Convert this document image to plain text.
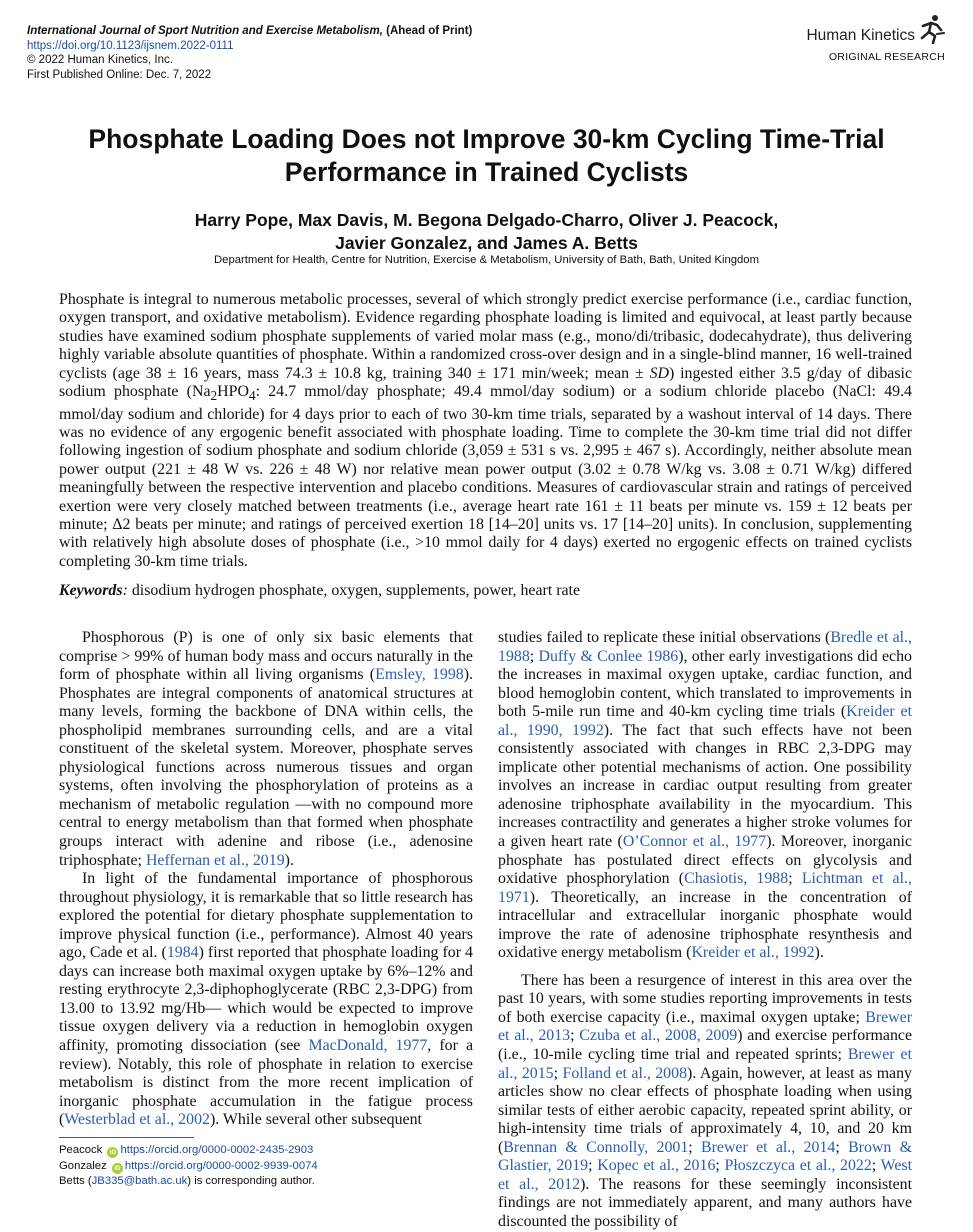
International Journal of Sport Nutrition and Exercise Metabolism, (Ahead of Print)
https://doi.org/10.1123/ijsnem.2022-0111
© 2022 Human Kinetics, Inc.
First Published Online: Dec. 7, 2022
Human Kinetics
ORIGINAL RESEARCH
Phosphate Loading Does not Improve 30-km Cycling Time-Trial Performance in Trained Cyclists
Harry Pope, Max Davis, M. Begona Delgado-Charro, Oliver J. Peacock,
Javier Gonzalez, and James A. Betts
Department for Health, Centre for Nutrition, Exercise & Metabolism, University of Bath, Bath, United Kingdom

Phosphate is integral to numerous metabolic processes, several of which strongly predict exercise performance (i.e., cardiac function, oxygen transport, and oxidative metabolism). Evidence regarding phosphate loading is limited and equivocal, at least partly because studies have examined sodium phosphate supplements of varied molar mass (e.g., mono/di/tribasic, dodecahydrate), thus delivering highly variable absolute quantities of phosphate. Within a randomized cross-over design and in a single-blind manner, 16 well-trained cyclists (age 38 ± 16 years, mass 74.3 ± 10.8 kg, training 340 ± 171 min/week; mean ± SD) ingested either 3.5 g/day of dibasic sodium phosphate ($Na_2HPO_4$: 24.7 mmol/day phosphate; 49.4 mmol/day sodium) or a sodium chloride placebo (NaCl: 49.4 mmol/day sodium and chloride) for 4 days prior to each of two 30-km time trials, separated by a washout interval of 14 days. There was no evidence of any ergogenic benefit associated with phosphate loading. Time to complete the 30-km time trial did not differ following ingestion of sodium phosphate and sodium chloride (3,059 ± 531 s vs. 2,995 ± 467 s). Accordingly, neither absolute mean power output (221 ± 48 W vs. 226 ± 48 W) nor relative mean power output (3.02 ± 0.78 W/kg vs. 3.08 ± 0.71 W/kg) differed meaningfully between the respective intervention and placebo conditions. Measures of cardiovascular strain and ratings of perceived exertion were very closely matched between treatments (i.e., average heart rate 161 ± 11 beats per minute vs. 159 ± 12 beats per minute; Δ2 beats per minute; and ratings of perceived exertion 18 [14–20] units vs. 17 [14–20] units). In conclusion, supplementing with relatively high absolute doses of phosphate (i.e., >10 mmol daily for 4 days) exerted no ergogenic effects on trained cyclists completing 30-km time trials.

Keywords: disodium hydrogen phosphate, oxygen, supplements, power, heart rate

Phosphorous (P) is one of only six basic elements that comprise > 99% of human body mass and occurs naturally in the form of phosphate within all living organisms (Emsley, 1998). Phosphates are integral components of anatomical structures at many levels, forming the backbone of DNA within cells, the phospholipid membranes surrounding cells, and are a vital constituent of the skeletal system. Moreover, phosphate serves physiological functions across numerous tissues and organ systems, often involving the phosphorylation of proteins as a mechanism of metabolic regulation —with no compound more central to energy metabolism than that formed when phosphate groups interact with adenine and ribose (i.e., adenosine triphosphate; Heffernan et al., 2019).

In light of the fundamental importance of phosphorous throughout physiology, it is remarkable that so little research has explored the potential for dietary phosphate supplementation to improve physical function (i.e., performance). Almost 40 years ago, Cade et al. (1984) first reported that phosphate loading for 4 days can increase both maximal oxygen uptake by 6%–12% and resting erythrocyte 2,3-diphophoglycerate (RBC 2,3-DPG) from 13.00 to 13.92 mg/Hb— which would be expected to improve tissue oxygen delivery via a reduction in hemoglobin oxygen affinity, promoting dissociation (see MacDonald, 1977, for a review). Notably, this role of phosphate in relation to exercise metabolism is distinct from the more recent implication of inorganic phosphate accumulation in the fatigue process (Westerblad et al., 2002). While several other subsequent

studies failed to replicate these initial observations (Bredle et al., 1988; Duffy & Conlee 1986), other early investigations did echo the increases in maximal oxygen uptake, cardiac function, and blood hemoglobin content, which translated to improvements in both 5-mile run time and 40-km cycling time trials (Kreider et al., 1990, 1992). The fact that such effects have not been consistently associated with changes in RBC 2,3-DPG may implicate other potential mechanisms of action. One possibility involves an increase in cardiac output resulting from greater adenosine triphosphate availability in the myocardium. This increases contractility and generates a higher stroke volumes for a given heart rate (O’Connor et al., 1977). Moreover, inorganic phosphate has postulated direct effects on glycolysis and oxidative phosphorylation (Chasiotis, 1988; Lichtman et al., 1971). Theoretically, an increase in the concentration of intracellular and extracellular inorganic phosphate would improve the rate of adenosine triphosphate resynthesis and oxidative energy metabolism (Kreider et al., 1992).

There has been a resurgence of interest in this area over the past 10 years, with some studies reporting improvements in tests of both exercise capacity (i.e., maximal oxygen uptake; Brewer et al., 2013; Czuba et al., 2008, 2009) and exercise performance (i.e., 10-mile cycling time trial and repeated sprints; Brewer et al., 2015; Folland et al., 2008). Again, however, at least as many articles show no clear effects of phosphate loading when using similar tests of either aerobic capacity, repeated sprint ability, or high-intensity time trials of approximately 4, 10, and 20 km (Brennan & Connolly, 2001; Brewer et al., 2014; Brown & Glastier, 2019; Kopec et al., 2016; Płoszczyca et al., 2022; West et al., 2012). The reasons for these seemingly inconsistent findings are not immediately apparent, and many authors have discounted the possibility of

Peacock iD https://orcid.org/0000-0002-2435-2903
Gonzalez iD https://orcid.org/0000-0002-9939-0074
Betts (JB335@bath.ac.uk) is corresponding author.
